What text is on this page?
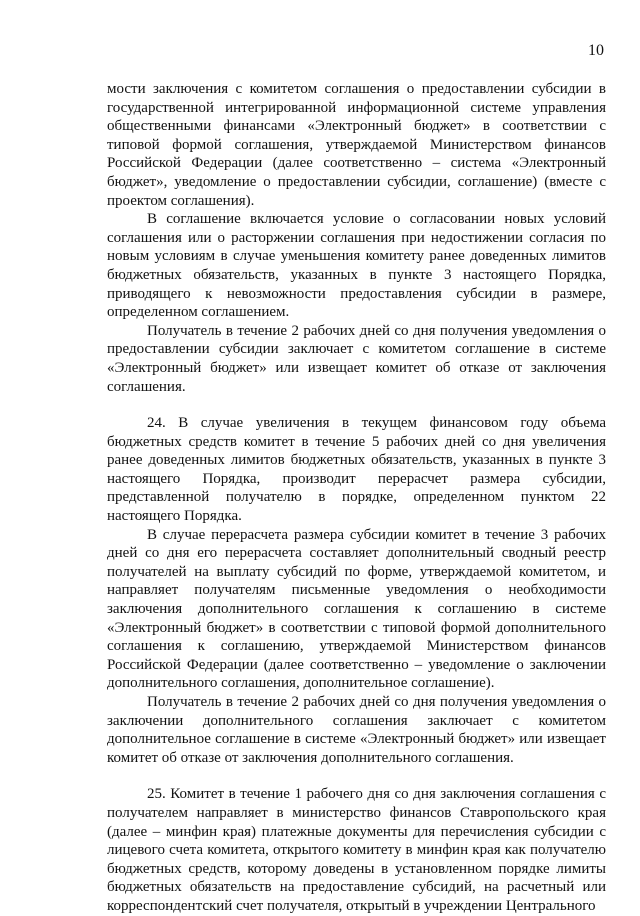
10

мости заключения с комитетом соглашения о предоставлении субсидии в государственной интегрированной информационной системе управления общественными финансами «Электронный бюджет» в соответствии с типовой формой соглашения, утверждаемой Министерством финансов Российской Федерации (далее соответственно – система «Электронный бюджет», уведомление о предоставлении субсидии, соглашение) (вместе с проектом соглашения).

В соглашение включается условие о согласовании новых условий соглашения или о расторжении соглашения при недостижении согласия по новым условиям в случае уменьшения комитету ранее доведенных лимитов бюджетных обязательств, указанных в пункте 3 настоящего Порядка, приводящего к невозможности предоставления субсидии в размере, определенном соглашением.

Получатель в течение 2 рабочих дней со дня получения уведомления о предоставлении субсидии заключает с комитетом соглашение в системе «Электронный бюджет» или извещает комитет об отказе от заключения соглашения.

24. В случае увеличения в текущем финансовом году объема бюджетных средств комитет в течение 5 рабочих дней со дня увеличения ранее доведенных лимитов бюджетных обязательств, указанных в пункте 3 настоящего Порядка, производит перерасчет размера субсидии, представленной получателю в порядке, определенном пунктом 22 настоящего Порядка.

В случае перерасчета размера субсидии комитет в течение 3 рабочих дней со дня его перерасчета составляет дополнительный сводный реестр получателей на выплату субсидий по форме, утверждаемой комитетом, и направляет получателям письменные уведомления о необходимости заключения дополнительного соглашения к соглашению в системе «Электронный бюджет» в соответствии с типовой формой дополнительного соглашения к соглашению, утверждаемой Министерством финансов Российской Федерации (далее соответственно – уведомление о заключении дополнительного соглашения, дополнительное соглашение).

Получатель в течение 2 рабочих дней со дня получения уведомления о заключении дополнительного соглашения заключает с комитетом дополнительное соглашение в системе «Электронный бюджет» или извещает комитет об отказе от заключения дополнительного соглашения.

25. Комитет в течение 1 рабочего дня со дня заключения соглашения с получателем направляет в министерство финансов Ставропольского края (далее – минфин края) платежные документы для перечисления субсидии с лицевого счета комитета, открытого комитету в минфин края как получателю бюджетных средств, которому доведены в установленном порядке лимиты бюджетных обязательств на предоставление субсидий, на расчетный или корреспондентский счет получателя, открытый в учреждении Центрального
